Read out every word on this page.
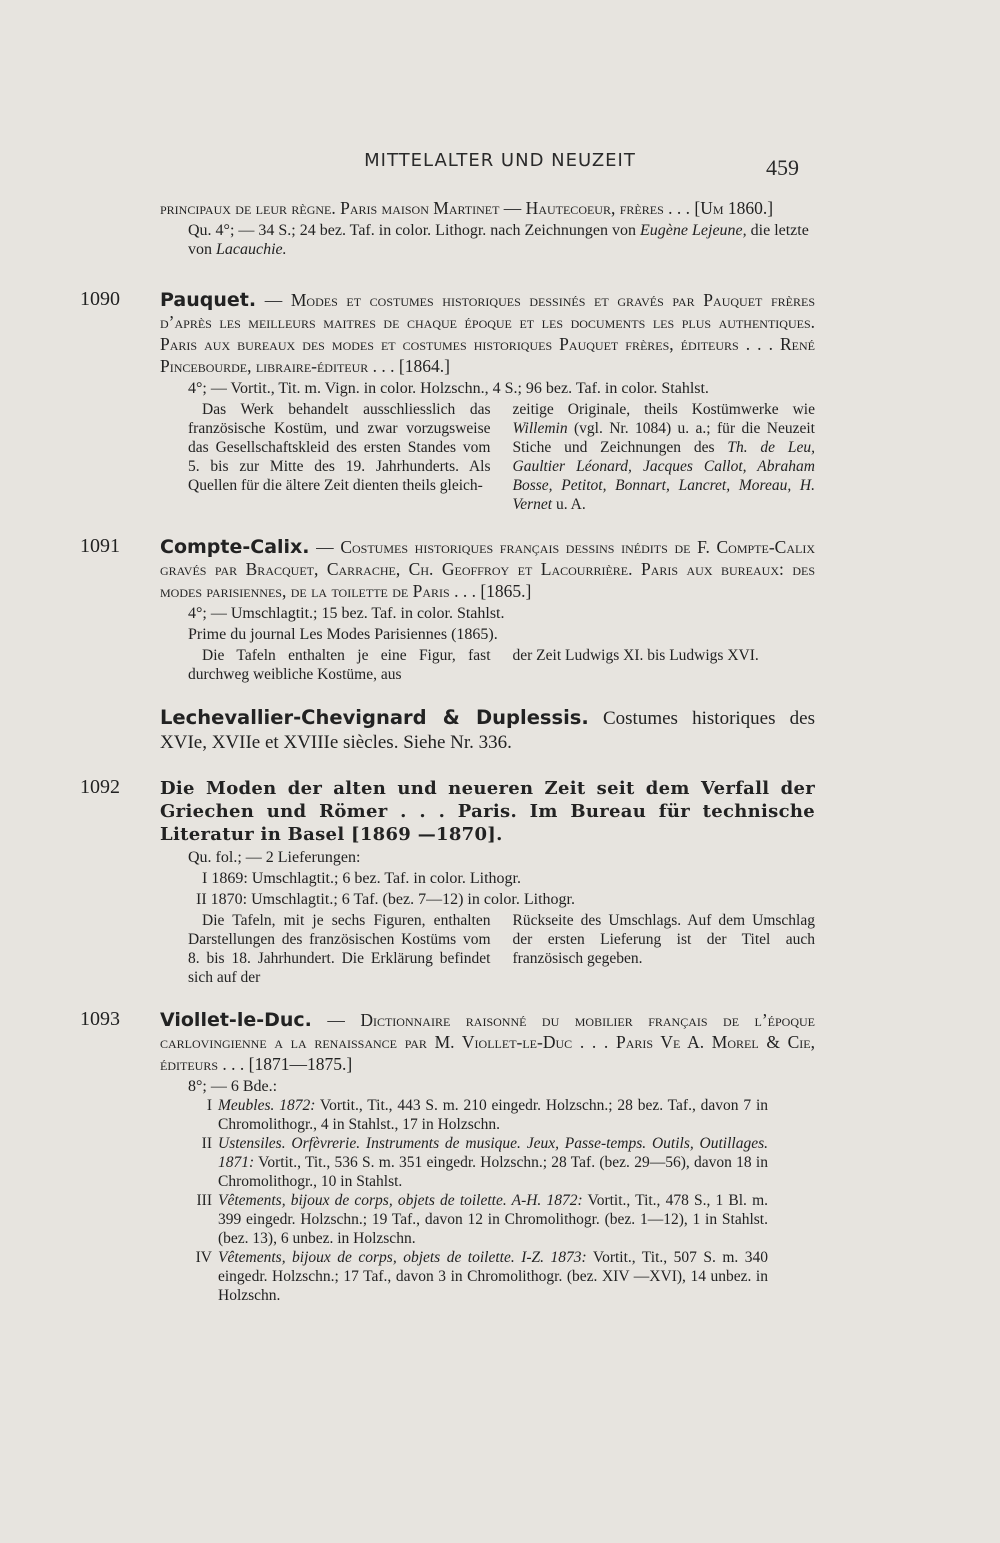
MITTELALTER UND NEUZEIT	459
principaux de leur règne. Paris maison Martinet — Hautecoeur, frères . . . [Um 1860.]
Qu. 4°; — 34 S.; 24 bez. Taf. in color. Lithogr. nach Zeichnungen von Eugène Lejeune, die letzte von Lacauchie.
1090 Pauquet. — Modes et costumes historiques dessinés et gravés par Pauquet frères d’après les meilleurs maitres de chaque époque et les documents les plus authentiques. Paris aux bureaux des modes et costumes historiques Pauquet frères, éditeurs . . . René Pincebourde, libraire-éditeur . . . [1864.]
4°; — Vortit., Tit. m. Vign. in color. Holzschn., 4 S.; 96 bez. Taf. in color. Stahlst.
Das Werk behandelt ausschliesslich das französische Kostüm, und zwar vorzugsweise das Gesellschaftskleid des ersten Standes vom 5. bis zur Mitte des 19. Jahrhunderts. Als Quellen für die ältere Zeit dienten theils gleich-
zeitige Originale, theils Kostümwerke wie Willemin (vgl. Nr. 1084) u. a.; für die Neuzeit Stiche und Zeichnungen des Th. de Leu, Gaultier Léonard, Jacques Callot, Abraham Bosse, Petitot, Bonnart, Lancret, Moreau, H. Vernet u. A.
1091 Compte-Calix. — Costumes historiques français dessins inédits de F. Compte-Calix gravés par Bracquet, Carrache, Ch. Geoffroy et Lacourrière. Paris aux bureaux: des modes parisiennes, de la toilette de Paris . . . [1865.]
4°; — Umschlagtit.; 15 bez. Taf. in color. Stahlst.
Prime du journal Les Modes Parisiennes (1865).
Die Tafeln enthalten je eine Figur, fast durchweg weibliche Kostüme, aus
der Zeit Ludwigs XI. bis Ludwigs XVI.
Lechevallier-Chevignard & Duplessis. Costumes historiques des XVIe, XVIIe et XVIIIe siècles. Siehe Nr. 336.
1092 Die Moden der alten und neueren Zeit seit dem Verfall der Griechen und Römer . . . Paris. Im Bureau für technische Literatur in Basel [1869 —1870].
Qu. fol.; — 2 Lieferungen:
I 1869: Umschlagtit.; 6 bez. Taf. in color. Lithogr.
II 1870: Umschlagtit.; 6 Taf. (bez. 7—12) in color. Lithogr.
Die Tafeln, mit je sechs Figuren, enthalten Darstellungen des französischen Kostüms vom 8. bis 18. Jahrhundert. Die Erklärung befindet sich auf der
Rückseite des Umschlags. Auf dem Umschlag der ersten Lieferung ist der Titel auch französisch gegeben.
1093 Viollet-le-Duc. — Dictionnaire raisonné du mobilier français de l’époque carlovingienne a la renaissance par M. Viollet-le-Duc . . . Paris Ve A. Morel & Cie, éditeurs . . . [1871—1875.]
8°; — 6 Bde.:
I Meubles. 1872: Vortit., Tit., 443 S. m. 210 eingedr. Holzschn.; 28 bez. Taf., davon 7 in Chromolithogr., 4 in Stahlst., 17 in Holzschn.
II Ustensiles. Orfèvrerie. Instruments de musique. Jeux, Passe-temps. Outils, Outillages. 1871: Vortit., Tit., 536 S. m. 351 eingedr. Holzschn.; 28 Taf. (bez. 29—56), davon 18 in Chromolithogr., 10 in Stahlst.
III Vêtements, bijoux de corps, objets de toilette. A-H. 1872: Vortit., Tit., 478 S., 1 Bl. m. 399 eingedr. Holzschn.; 19 Taf., davon 12 in Chromolithogr. (bez. 1—12), 1 in Stahlst. (bez. 13), 6 unbez. in Holzschn.
IV Vêtements, bijoux de corps, objets de toilette. I-Z. 1873: Vortit., Tit., 507 S. m. 340 eingedr. Holzschn.; 17 Taf., davon 3 in Chromolithogr. (bez. XIV —XVI), 14 unbez. in Holzschn.
